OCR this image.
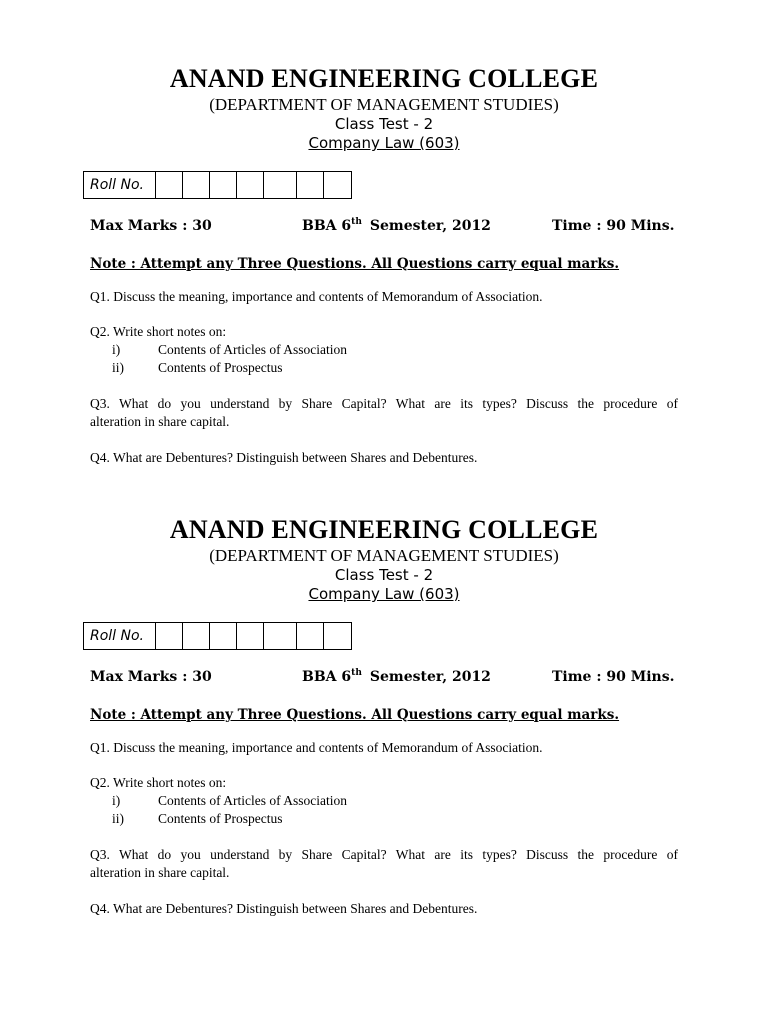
ANAND ENGINEERING COLLEGE
(DEPARTMENT OF MANAGEMENT STUDIES)
Class Test - 2
Company Law (603)
Roll No.
Max Marks : 30	BBA 6th Semester, 2012	Time : 90 Mins.
Note : Attempt any Three Questions. All Questions carry equal marks.
Q1. Discuss the meaning, importance and contents of Memorandum of Association.
Q2. Write short notes on:
i)	Contents of Articles of Association
ii)	Contents of Prospectus
Q3. What do you understand by Share Capital? What are its types? Discuss the procedure of
alteration in share capital.
Q4. What are Debentures? Distinguish between Shares and Debentures.
ANAND ENGINEERING COLLEGE
(DEPARTMENT OF MANAGEMENT STUDIES)
Class Test - 2
Company Law (603)
Roll No.
Max Marks : 30	BBA 6th Semester, 2012	Time : 90 Mins.
Note : Attempt any Three Questions. All Questions carry equal marks.
Q1. Discuss the meaning, importance and contents of Memorandum of Association.
Q2. Write short notes on:
i)	Contents of Articles of Association
ii)	Contents of Prospectus
Q3. What do you understand by Share Capital? What are its types? Discuss the procedure of
alteration in share capital.
Q4. What are Debentures? Distinguish between Shares and Debentures.
